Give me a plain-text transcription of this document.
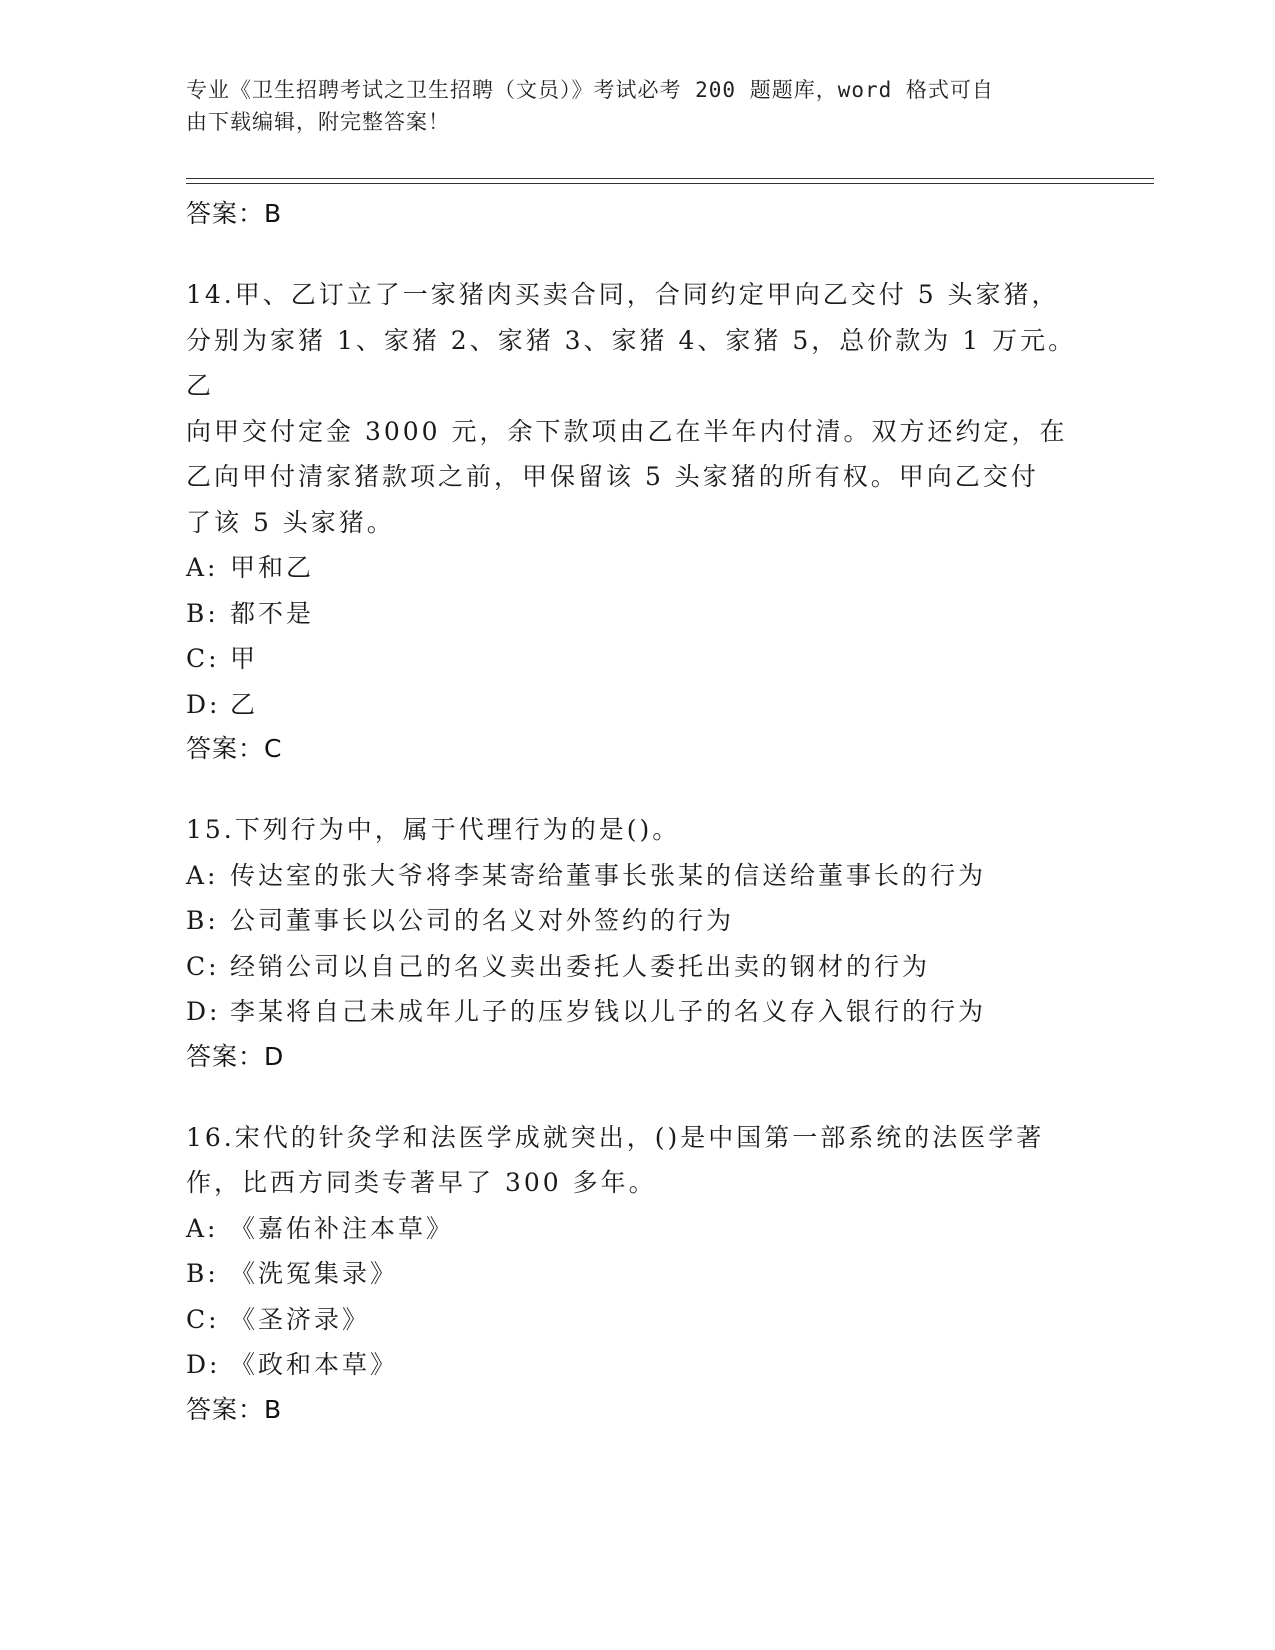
专业《卫生招聘考试之卫生招聘（文员）》考试必考 200 题题库，word 格式可自
由下载编辑，附完整答案！
答案：B
14.甲、乙订立了一家猪肉买卖合同，合同约定甲向乙交付 5 头家猪，
分别为家猪 1、家猪 2、家猪 3、家猪 4、家猪 5，总价款为 1 万元。乙
向甲交付定金 3000 元，余下款项由乙在半年内付清。双方还约定，在
乙向甲付清家猪款项之前，甲保留该 5 头家猪的所有权。甲向乙交付
了该 5 头家猪。
A: 甲和乙
B: 都不是
C: 甲
D: 乙
答案：C
15.下列行为中，属于代理行为的是()。
A: 传达室的张大爷将李某寄给董事长张某的信送给董事长的行为
B: 公司董事长以公司的名义对外签约的行为
C: 经销公司以自己的名义卖出委托人委托出卖的钢材的行为
D: 李某将自己未成年儿子的压岁钱以儿子的名义存入银行的行为
答案：D
16.宋代的针灸学和法医学成就突出，()是中国第一部系统的法医学著
作，比西方同类专著早了 300 多年。
A: 《嘉佑补注本草》
B: 《洗冤集录》
C: 《圣济录》
D: 《政和本草》
答案：B
